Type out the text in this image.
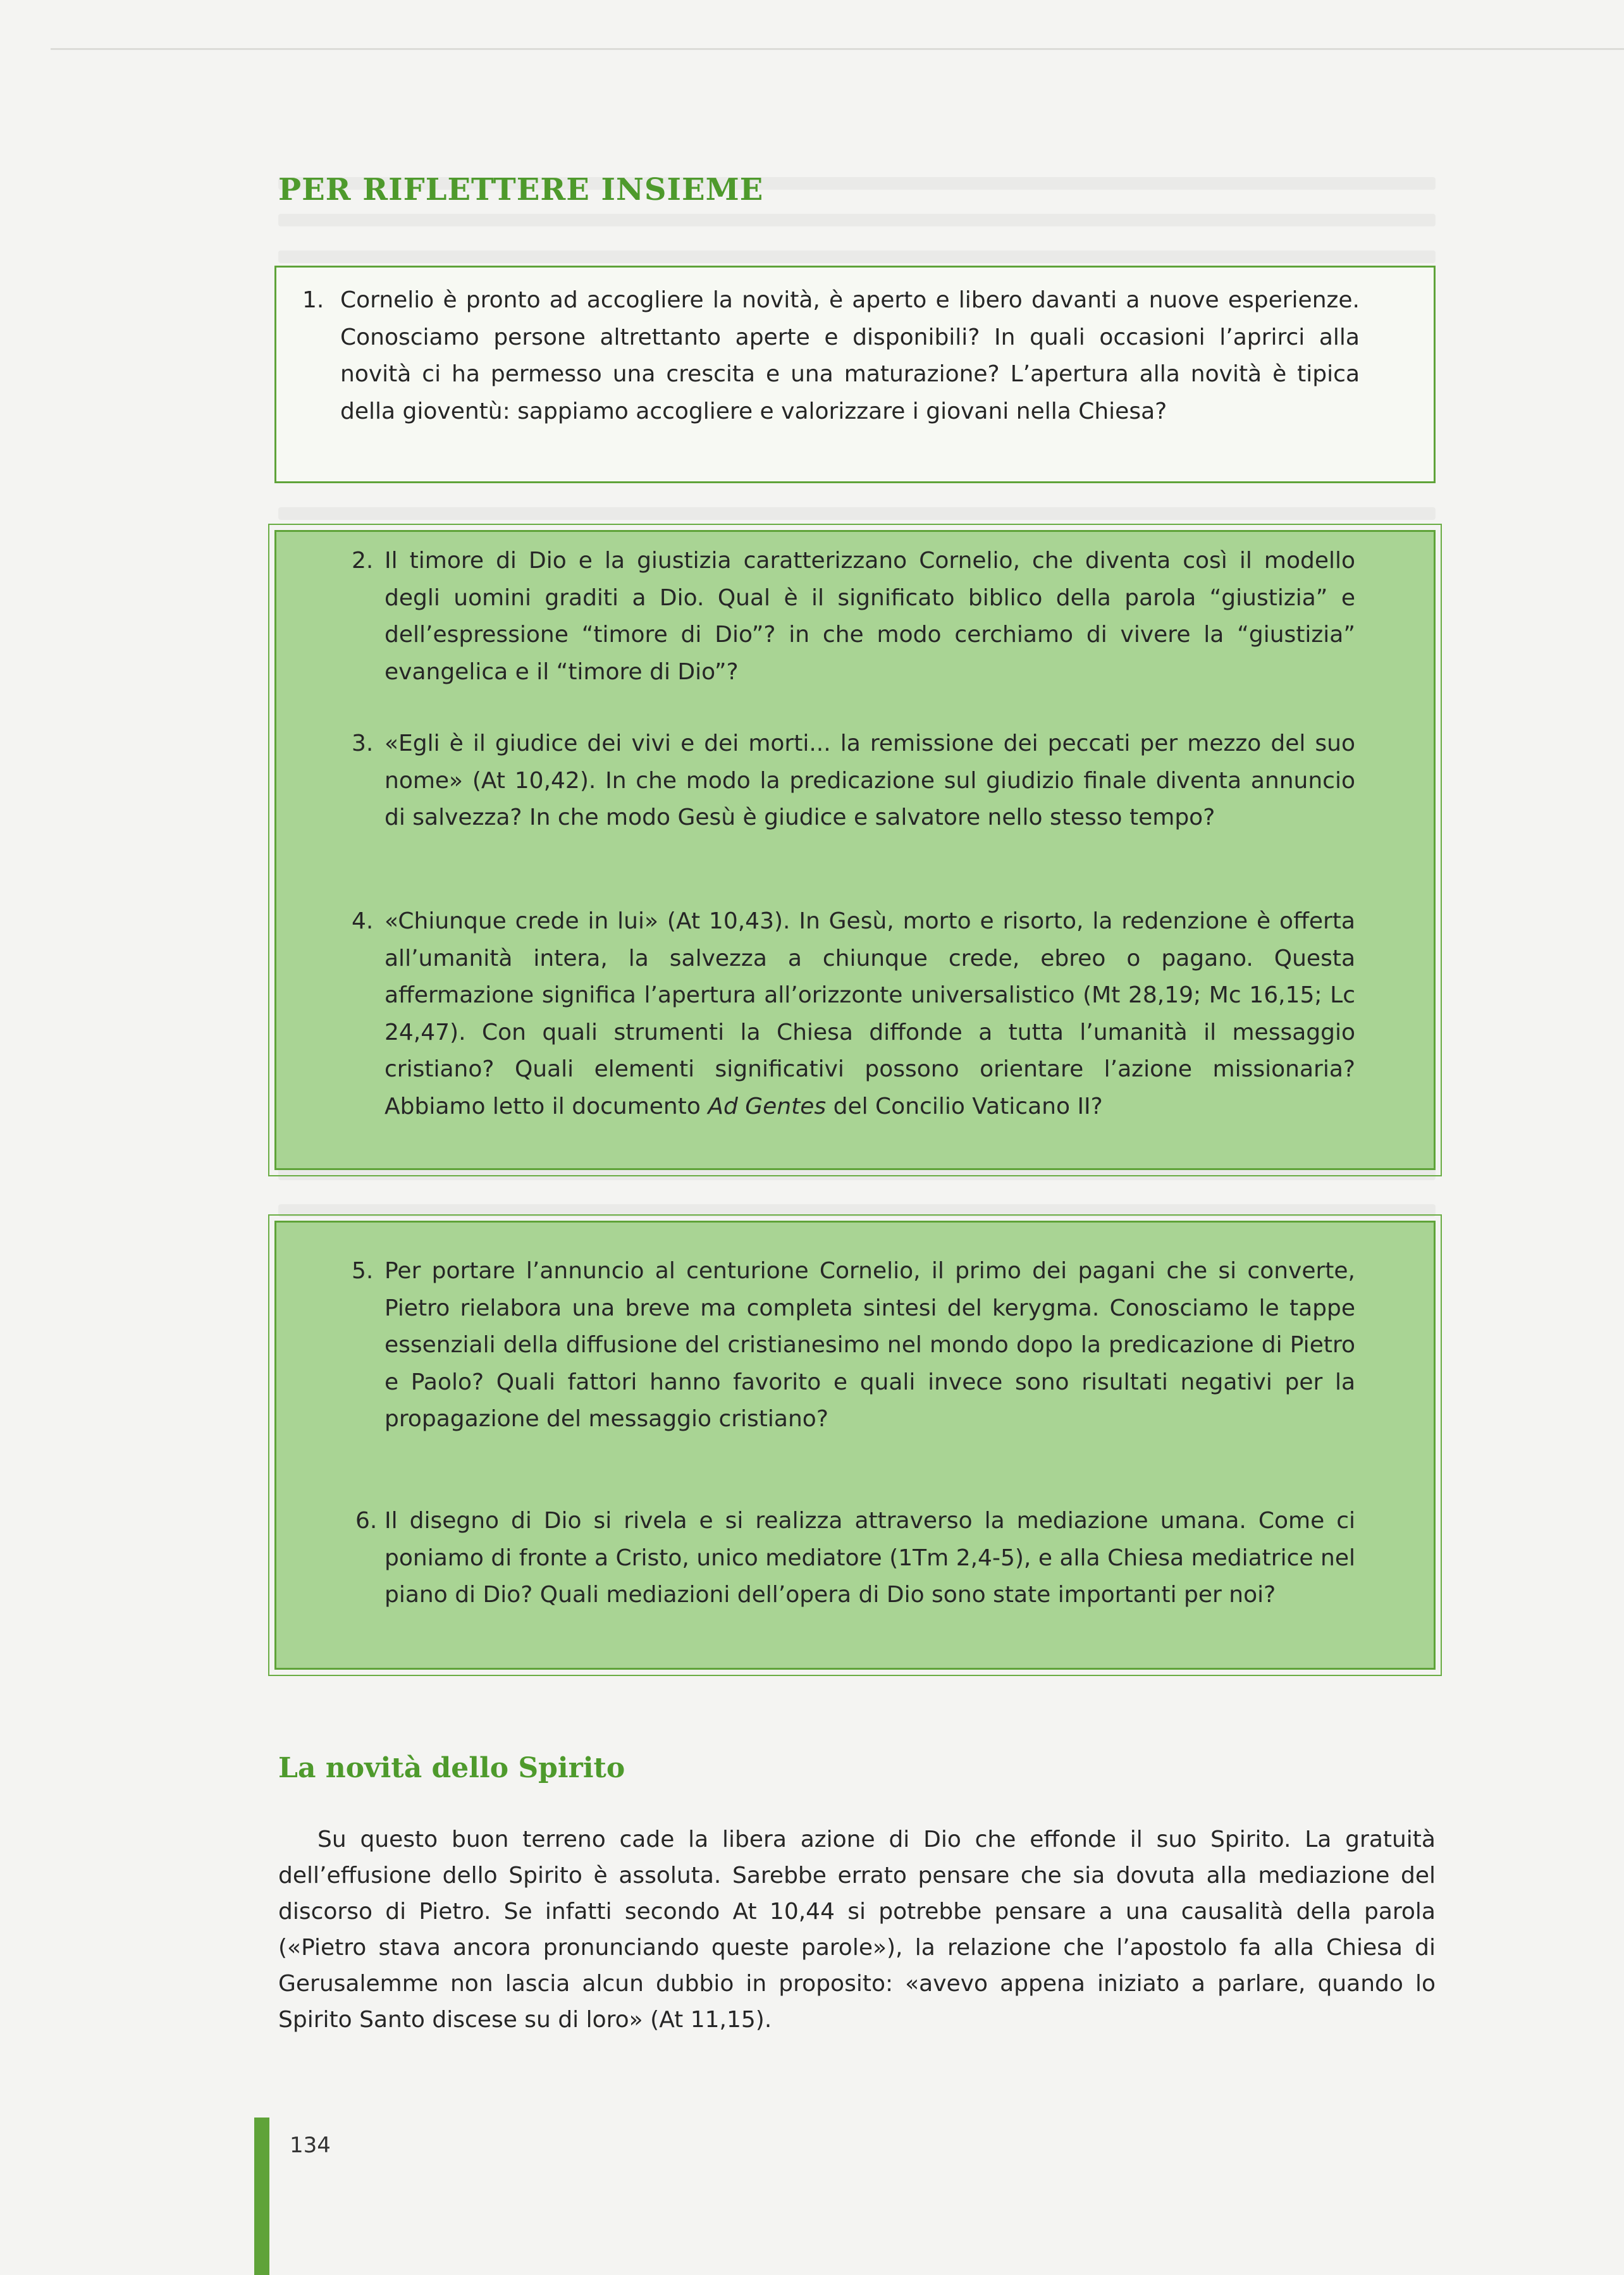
PER RIFLETTERE INSIEME
1. Cornelio è pronto ad accogliere la novità, è aperto e libero davanti a nuove esperienze. Conosciamo persone altrettanto aperte e disponibili? In quali occasioni l’aprirci alla novità ci ha permesso una crescita e una maturazione? L’apertura alla novità è tipica della gioventù: sappiamo accogliere e valorizzare i giovani nella Chiesa?
2. Il timore di Dio e la giustizia caratterizzano Cornelio, che diventa così il modello degli uomini graditi a Dio. Qual è il significato biblico della parola “giustizia” e dell’espressione “timore di Dio”? in che modo cerchiamo di vivere la “giustizia” evangelica e il “timore di Dio”?
3. «Egli è il giudice dei vivi e dei morti... la remissione dei peccati per mezzo del suo nome» (At 10,42). In che modo la predicazione sul giudizio finale diventa annuncio di salvezza? In che modo Gesù è giudice e salvatore nello stesso tempo?
4. «Chiunque crede in lui» (At 10,43). In Gesù, morto e risorto, la redenzione è offerta all’umanità intera, la salvezza a chiunque crede, ebreo o pagano. Questa affermazione significa l’apertura all’orizzonte universalistico (Mt 28,19; Mc 16,15; Lc 24,47). Con quali strumenti la Chiesa diffonde a tutta l’umanità il messaggio cristiano? Quali elementi significativi possono orientare l’azione missionaria? Abbiamo letto il documento Ad Gentes del Concilio Vaticano II?
5. Per portare l’annuncio al centurione Cornelio, il primo dei pagani che si converte, Pietro rielabora una breve ma completa sintesi del kerygma. Conosciamo le tappe essenziali della diffusione del cristianesimo nel mondo dopo la predicazione di Pietro e Paolo? Quali fattori hanno favorito e quali invece sono risultati negativi per la propagazione del messaggio cristiano?
6. Il disegno di Dio si rivela e si realizza attraverso la mediazione umana. Come ci poniamo di fronte a Cristo, unico mediatore (1Tm 2,4-5), e alla Chiesa mediatrice nel piano di Dio? Quali mediazioni dell’opera di Dio sono state importanti per noi?
La novità dello Spirito

Su questo buon terreno cade la libera azione di Dio che effonde il suo Spirito. La gratuità dell’effusione dello Spirito è assoluta. Sarebbe errato pensare che sia dovuta alla mediazione del discorso di Pietro. Se infatti secondo At 10,44 si potrebbe pensare a una causalità della parola («Pietro stava ancora pronunciando queste parole»), la relazione che l’apostolo fa alla Chiesa di Gerusalemme non lascia alcun dubbio in proposito: «avevo appena iniziato a parlare, quando lo Spirito Santo discese su di loro» (At 11,15).

134
